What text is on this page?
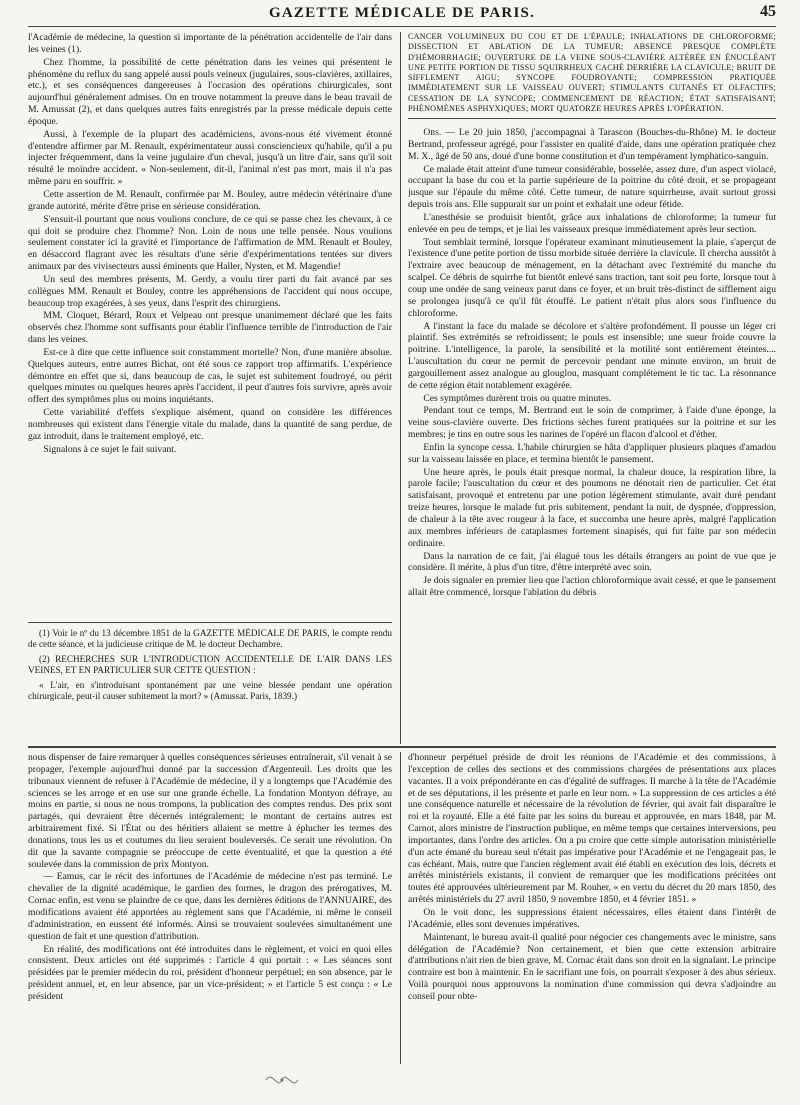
GAZETTE MÉDICALE DE PARIS.	45

l'Académie de médecine, la question si importante de la pénétration accidentelle de l'air dans les veines (1).

Chez l'homme, la possibilité de cette pénétration dans les veines qui présentent le phénomène du reflux du sang appelé aussi pouls veineux (jugulaires, sous-clavières, axillaires, etc.), et ses conséquences dangereuses à l'occasion des opérations chirurgicales, sont aujourd'hui généralement admises. On en trouve notamment la preuve dans le beau travail de M. Amussat (2), et dans quelques autres faits enregistrés par la presse médicale depuis cette époque.

Aussi, à l'exemple de la plupart des académiciens, avons-nous été vivement étonné d'entendre affirmer par M. Renault, expérimentateur aussi consciencieux qu'habile, qu'il a pu injecter fréquemment, dans la veine jugulaire d'un cheval, jusqu'à un litre d'air, sans qu'il soit résulté le moindre accident. « Non-seulement, dit-il, l'animal n'est pas mort, mais il n'a pas même paru en souffrir. »

Cette assertion de M. Renault, confirmée par M. Bouley, autre médecin vétérinaire d'une grande autorité, mérite d'être prise en sérieuse considération.

S'ensuit-il pourtant que nous voulions conclure, de ce qui se passe chez les chevaux, à ce qui doit se produire chez l'homme? Non. Loin de nous une telle pensée. Nous voulions seulement constater ici la gravité et l'importance de l'affirmation de MM. Renault et Bouley, en désaccord flagrant avec les résultats d'une série d'expérimentations tentées sur divers animaux par des vivisecteurs aussi éminents que Haller, Nysten, et M. Magendie!

Un seul des membres présents, M. Gerdy, a voulu tirer parti du fait avancé par ses collègues MM. Renault et Bouley, contre les appréhensions de l'accident qui nous occupe, beaucoup trop exagérées, à ses yeux, dans l'esprit des chirurgiens.

MM. Cloquet, Bérard, Roux et Velpeau ont presque unanimement déclaré que les faits observés chez l'homme sont suffisants pour établir l'influence terrible de l'introduction de l'air dans les veines.

Est-ce à dire que cette influence soit constamment mortelle? Non, d'une manière absolue. Quelques auteurs, entre autres Bichat, ont été sous ce rapport trop affirmatifs. L'expérience démontre en effet que si, dans beaucoup de cas, le sujet est subitement foudroyé, ou périt quelques minutes ou quelques heures après l'accident, il peut d'autres fois survivre, après avoir offert des symptômes plus ou moins inquiétants.

Cette variabilité d'effets s'explique aisément, quand on considère les différences nombreuses qui existent dans l'énergie vitale du malade, dans la quantité de sang perdue, de gaz introduit, dans le traitement employé, etc.

Signalons à ce sujet le fait suivant.

(1) Voir le nº du 13 décembre 1851 de la GAZETTE MÉDICALE DE PARIS, le compte rendu de cette séance, et la judicieuse critique de M. le docteur Dechambre.

(2) RECHERCHES SUR L'INTRODUCTION ACCIDENTELLE DE L'AIR DANS LES VEINES, ET EN PARTICULIER SUR CETTE QUESTION :

« L'air, en s'introduisant spontanément par une veine blessée pendant une opération chirurgicale, peut-il causer subitement la mort? » (Amussat. Paris, 1839.)

CANCER VOLUMINEUX DU COU ET DE L'ÉPAULE; INHALATIONS DE CHLOROFORME; DISSECTION ET ABLATION DE LA TUMEUR; ABSENCE PRESQUE COMPLÈTE D'HÉMORRHAGIE; OUVERTURE DE LA VEINE SOUS-CLAVIÈRE ALTÉRÉE EN ÉNUCLÉANT UNE PETITE PORTION DE TISSU SQUIRRHEUX CACHÉ DERRIÈRE LA CLAVICULE; BRUIT DE SIFFLEMENT AIGU; SYNCOPE FOUDROYANTE; COMPRESSION PRATIQUÉE IMMÉDIATEMENT SUR LE VAISSEAU OUVERT; STIMULANTS CUTANÉS ET OLFACTIFS; CESSATION DE LA SYNCOPE; COMMENCEMENT DE RÉACTION; ÉTAT SATISFAISANT; PHÉNOMÈNES ASPHYXIQUES; MORT QUATORZE HEURES APRÈS L'OPÉRATION.

Obs. — Le 20 juin 1850, j'accompagnai à Tarascon (Bouches-du-Rhône) M. le docteur Bertrand, professeur agrégé, pour l'assister en qualité d'aide, dans une opération pratiquée chez M. X., âgé de 50 ans, doué d'une bonne constitution et d'un tempérament lymphatico-sanguin.

Ce malade était atteint d'une tumeur considérable, bosselée, assez dure, d'un aspect violacé, occupant la base du cou et la partie supérieure de la poitrine du côté droit, et se propageant jusque sur l'épaule du même côté. Cette tumeur, de nature squirrheuse, avait surtout grossi depuis trois ans. Elle suppurait sur un point et exhalait une odeur fétide.

L'anesthésie se produisit bientôt, grâce aux inhalations de chloroforme; la tumeur fut enlevée en peu de temps, et je liai les vaisseaux presque immédiatement après leur section.

Tout semblait terminé, lorsque l'opérateur examinant minutieusement la plaie, s'aperçut de l'existence d'une petite portion de tissu morbide située derrière la clavicule. Il chercha aussitôt à l'extraire avec beaucoup de ménagement, en la détachant avec l'extrémité du manche du scalpel. Ce débris de squirrhe fut bientôt enlevé sans traction, tant soit peu forte, lorsque tout à coup une ondée de sang veineux parut dans ce foyer, et un bruit très-distinct de sifflement aigu se prolongea jusqu'à ce qu'il fût étouffé. Le patient n'était plus alors sous l'influence du chloroforme.

A l'instant la face du malade se décolore et s'altère profondément. Il pousse un léger cri plaintif. Ses extrémités se refroidissent; le pouls est insensible; une sueur froide couvre la poitrine. L'intelligence, la parole, la sensibilité et la motilité sont entièrement éteintes.... L'auscultation du cœur ne permit de percevoir pendant une minute environ, un bruit de gargouillement assez analogue au glouglou, masquant complétement le tic tac. La résonnance de cette région était notablement exagérée.

Ces symptômes durèrent trois ou quatre minutes.

Pendant tout ce temps, M. Bertrand eut le soin de comprimer, à l'aide d'une éponge, la veine sous-clavière ouverte. Des frictions sèches furent pratiquées sur la poitrine et sur les membres; je tins en outre sous les narines de l'opéré un flacon d'alcool et d'éther.

Enfin la syncope cessa. L'habile chirurgien se hâta d'appliquer plusieurs plaques d'amadou sur la vaisseau laissée en place, et termina bientôt le pansement.

Une heure après, le pouls était presque normal, la chaleur douce, la respiration libre, la parole facile; l'auscultation du cœur et des poumons ne dénotait rien de particulier. Cet état satisfaisant, provoqué et entretenu par une potion légèrement stimulante, avait duré pendant treize heures, lorsque le malade fut pris subitement, pendant la nuit, de dyspnée, d'oppression, de chaleur à la tête avec rougeur à la face, et succomba une heure après, malgré l'application aux membres inférieurs de cataplasmes fortement sinapisés, qui fut faite par son médecin ordinaire.

Dans la narration de ce fait, j'ai élagué tous les détails étrangers au point de vue que je considère. Il mérite, à plus d'un titre, d'être interprété avec soin.

Je dois signaler en premier lieu que l'action chloroformique avait cessé, et que le pansement allait être commencé, lorsque l'ablation du débris

nous dispenser de faire remarquer à quelles conséquences sérieuses entraînerait, s'il venait à se propager, l'exemple aujourd'hui donné par la succession d'Argenteuil. Les droits que les tribunaux viennent de refuser à l'Académie de médecine, il y a longtemps que l'Académie des sciences se les arroge et en use sur une grande échelle. La fondation Montyon défraye, au moins en partie, si nous ne nous trompons, la publication des comptes rendus. Des prix sont partagés, qui devraient être décernés intégralement; le montant de certains autres est arbitrairement fixé. Si l'État ou des héritiers allaient se mettre à éplucher les termes des donations, tous les us et coutumes du lieu seraient bouleversés. Ce serait une révolution. On dit que la savante compagnie se préoccupe de cette éventualité, et que la question a été soulevée dans la commission de prix Montyon.

— Eamus, car le récit des infortunes de l'Académie de médecine n'est pas terminé. Le chevalier de la dignité académique, le gardien des formes, le dragon des prérogatives, M. Cornac enfin, est venu se plaindre de ce que, dans les dernières éditions de l'ANNUAIRE, des modifications avaient été apportées au règlement sans que l'Académie, ni même le conseil d'administration, en eussent été informés. Ainsi se trouvaient soulevées simultanément une question de fait et une question d'attribution.

En réalité, des modifications ont été introduites dans le règlement, et voici en quoi elles consistent. Deux articles ont été supprimés : l'article 4 qui portait : « Les séances sont présidées par le premier médecin du roi, président d'honneur perpétuel; en son absence, par le président annuel, et, en leur absence, par un vice-président; » et l'article 5 est conçu : « Le président

d'honneur perpétuel préside de droit les réunions de l'Académie et des commissions, à l'exception de celles des sections et des commissions chargées de présentations aux places vacantes. Il a voix prépondérante en cas d'égalité de suffrages. Il marche à la tête de l'Académie et de ses députations, il les présente et parle en leur nom. » La suppression de ces articles a été une conséquence naturelle et nécessaire de la révolution de février, qui avait fait disparaître le roi et la royauté. Elle a été faite par les soins du bureau et approuvée, en mars 1848, par M. Carnot, alors ministre de l'instruction publique, en même temps que certaines interversions, peu importantes, dans l'ordre des articles. On a pu croire que cette simple autorisation ministérielle d'un acte émané du bureau seul n'était pas impérative pour l'Académie et ne l'engageait pas, le cas échéant. Mais, outre que l'ancien règlement avait été établi en exécution des lois, décrets et arrêtés ministériels existants, il convient de remarquer que les modifications précitées ont toutes été approuvées ultérieurement par M. Rouher, « en vertu du décret du 20 mars 1850, des arrêtés ministériels du 27 avril 1850, 9 novembre 1850, et 4 février 1851. »

On le voit donc, les suppressions étaient nécessaires, elles étaient dans l'intérêt de l'Académie, elles sont devenues impératives.

Maintenant, le bureau avait-il qualité pour négocier ces changements avec le ministre, sans délégation de l'Académie? Non certainement, et bien que cette extension arbitraire d'attributions n'ait rien de bien grave, M. Cornac était dans son droit en la signalant. Le principe contraire est bon à maintenir. En le sacrifiant une fois, on pourrait s'exposer à des abus sérieux. Voilà pourquoi nous approuvons la nomination d'une commission qui devra s'adjoindre au conseil pour obte-
